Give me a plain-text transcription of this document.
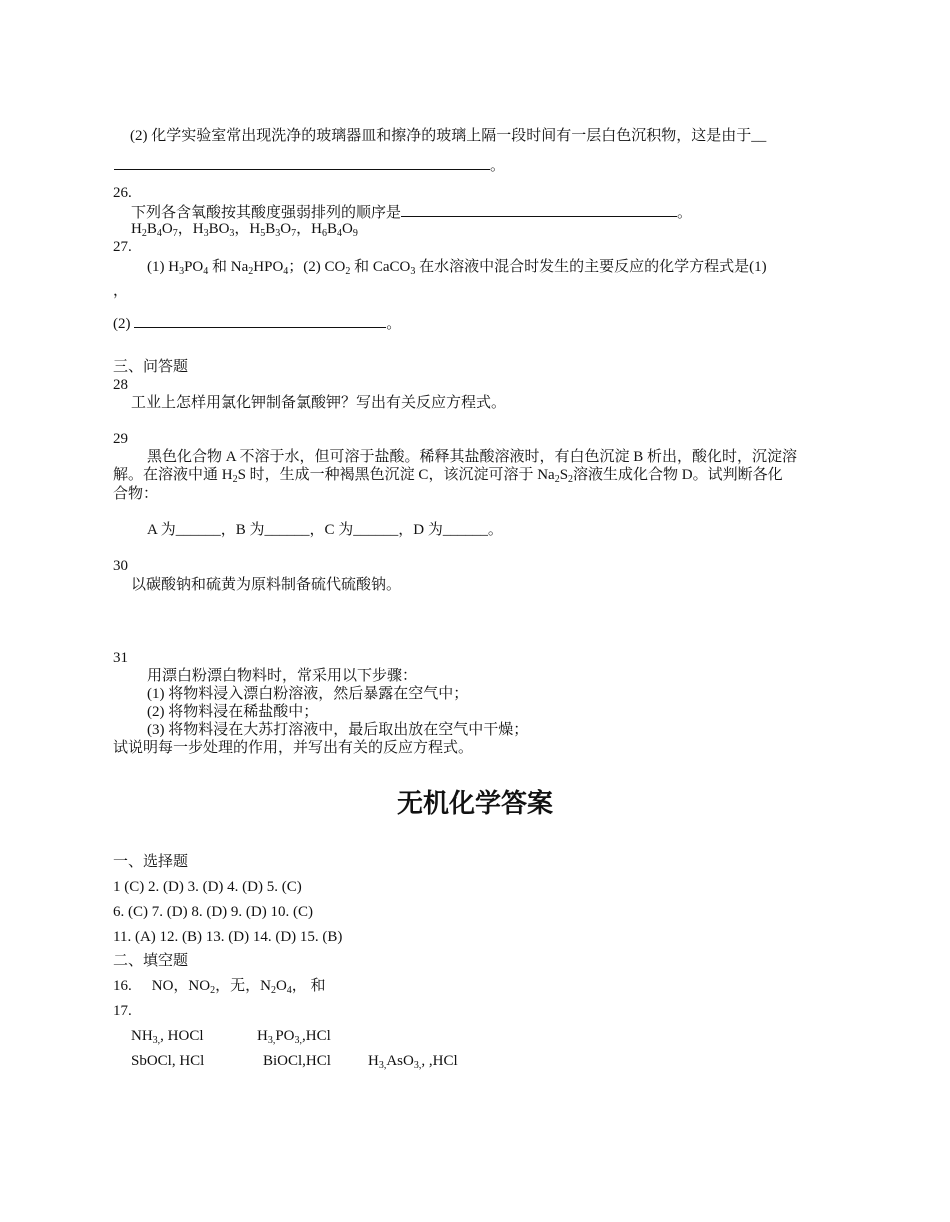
(2) 化学实验室常出现洗净的玻璃器皿和擦净的玻璃上隔一段时间有一层白色沉积物，这是由于__
。
26.
下列各含氧酸按其酸度强弱排列的顺序是	。
$H_2B_4O_7$，$H_3BO_3$，$H_5B_3O_7$，$H_6B_4O_9$
27.
(1) $H_3PO_4$ 和 $Na_2HPO_4$；(2) $CO_2$ 和 CaCO$_3$ 在水溶液中混合时发生的主要反应的化学方程式是(1)
，
(2)	。
三、问答题
28
工业上怎样用氯化钾制备氯酸钾？写出有关反应方程式。
29
黑色化合物 A 不溶于水，但可溶于盐酸。稀释其盐酸溶液时，有白色沉淀 B 析出，酸化时，沉淀溶
解。在溶液中通 $H_2S$ 时，生成一种褐黑色沉淀 C，该沉淀可溶于 $Na_2S_2$溶液生成化合物 D。试判断各化
合物：
A 为______，B 为______，C 为______，D 为______。
30
以碳酸钠和硫黄为原料制备硫代硫酸钠。
31
用漂白粉漂白物料时，常采用以下步骤：
(1) 将物料浸入漂白粉溶液，然后暴露在空气中；
(2) 将物料浸在稀盐酸中；
(3) 将物料浸在大苏打溶液中，最后取出放在空气中干燥；
试说明每一步处理的作用，并写出有关的反应方程式。
无机化学答案
一、选择题
1 (C) 2. (D) 3. (D) 4. (D) 5. (C)
6. (C) 7. (D) 8. (D) 9. (D) 10. (C)
11. (A) 12. (B) 13. (D) 14. (D) 15. (B)
二、填空题
16. NO，$NO_2$，无，$N_2O_4$， 和
17.
$NH_{3,}$, HOCl	$H_{3,}PO_{3,},HCl$
SbOCl, HCl	BiOCl,HCl $H_{3,}AsO_{3,}$, ,HCl
